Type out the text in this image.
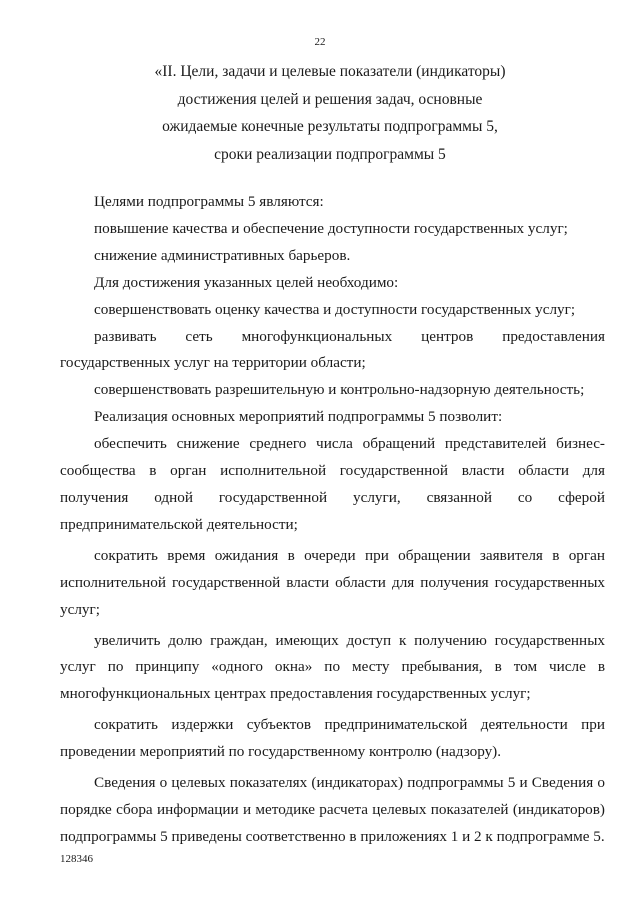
22
«II. Цели, задачи и целевые показатели (индикаторы)
достижения целей и решения задач, основные
ожидаемые конечные результаты подпрограммы 5,
сроки реализации подпрограммы 5

Целями подпрограммы 5 являются:

повышение качества и обеспечение доступности государственных услуг;

снижение административных барьеров.

Для достижения указанных целей необходимо:

совершенствовать оценку качества и доступности государственных услуг;

развивать сеть многофункциональных центров предоставления государственных услуг на территории области;

совершенствовать разрешительную и контрольно-надзорную деятельность;

Реализация основных мероприятий подпрограммы 5 позволит:

обеспечить снижение среднего числа обращений представителей бизнес-сообщества в орган исполнительной государственной власти области для получения одной государственной услуги, связанной со сферой предпринимательской деятельности;

сократить время ожидания в очереди при обращении заявителя в орган исполнительной государственной власти области для получения государственных услуг;

увеличить долю граждан, имеющих доступ к получению государственных услуг по принципу «одного окна» по месту пребывания, в том числе в многофункциональных центрах предоставления государственных услуг;

сократить издержки субъектов предпринимательской деятельности при проведении мероприятий по государственному контролю (надзору).

Сведения о целевых показателях (индикаторах) подпрограммы 5 и Сведения о порядке сбора информации и методике расчета целевых показателей (индикаторов) подпрограммы 5 приведены соответственно в приложениях 1 и 2 к подпрограмме 5.

128346
